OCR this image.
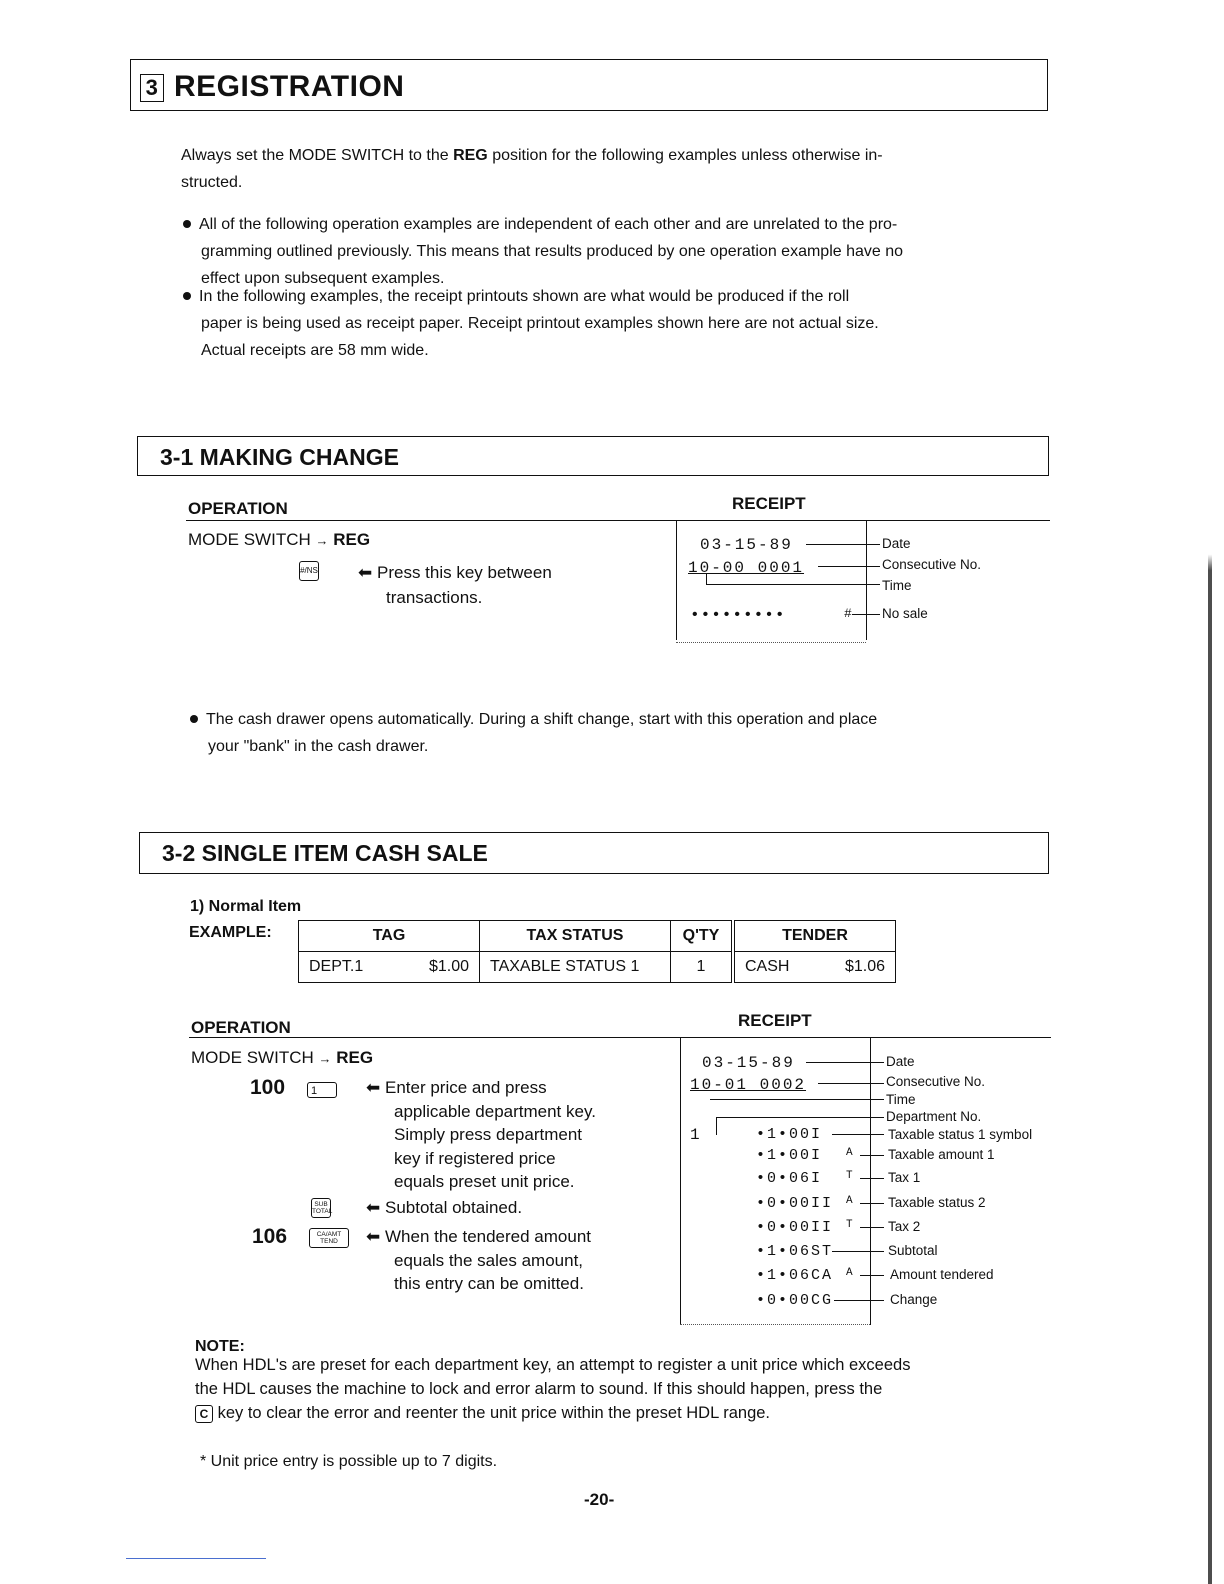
3 REGISTRATION
Always set the MODE SWITCH to the REG position for the following examples unless otherwise in-
structed.
All of the following operation examples are independent of each other and are unrelated to the pro-
gramming outlined previously. This means that results produced by one operation example have no
effect upon subsequent examples.
In the following examples, the receipt printouts shown are what would be produced if the roll
paper is being used as receipt paper. Receipt printout examples shown here are not actual size.
Actual receipts are 58 mm wide.
3-1 MAKING CHANGE
OPERATION	RECEIPT
MODE SWITCH → REG
#/NS ⬅ Press this key between
transactions.
03-15-89
10-00 0001
•••••••••	#
Date
Consecutive No.
Time
No sale
The cash drawer opens automatically. During a shift change, start with this operation and place
your "bank" in the cash drawer.
3-2 SINGLE ITEM CASH SALE
1) Normal Item
EXAMPLE:	TAG	TAX STATUS	Q'TY	TENDER
DEPT.1 $1.00	TAXABLE STATUS 1	1	CASH $1.06
OPERATION	RECEIPT
MODE SWITCH → REG
100	1	⬅ Enter price and press
applicable department key.
Simply press department
key if registered price
equals preset unit price.
SUB TOTAL ⬅ Subtotal obtained.
106	CA/AMT TEND	⬅ When the tendered amount
equals the sales amount,
this entry can be omitted.
03-15-89
10-01 0002
1	•1•00I
•1•00I
•0•06I
•0•00II
•0•00II
•1•06ST
•1•06CA
•0•00CG
A
T
A
T
A
Date
Consecutive No.
Time
Department No.
Taxable status 1 symbol
Taxable amount 1
Tax 1
Taxable status 2
Tax 2
Subtotal
Amount tendered
Change
NOTE:
When HDL's are preset for each department key, an attempt to register a unit price which exceeds
the HDL causes the machine to lock and error alarm to sound. If this should happen, press the
C key to clear the error and reenter the unit price within the preset HDL range.
* Unit price entry is possible up to 7 digits.
-20-
